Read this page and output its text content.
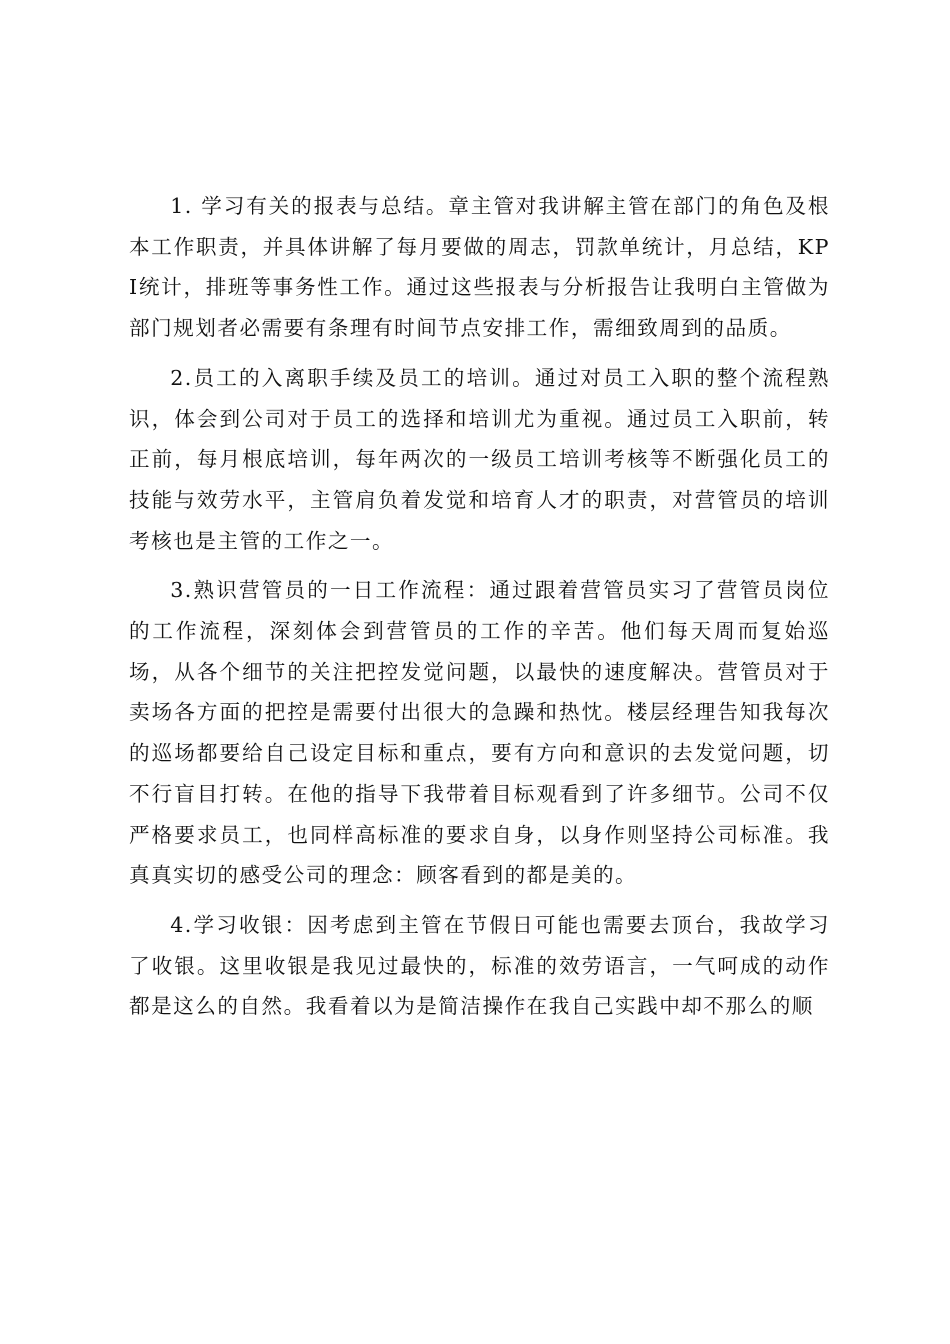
1. 学习有关的报表与总结。章主管对我讲解主管在部门的角色及根本工作职责，并具体讲解了每月要做的周志，罚款单统计，月总结，KPI统计，排班等事务性工作。通过这些报表与分析报告让我明白主管做为部门规划者必需要有条理有时间节点安排工作，需细致周到的品质。

2.员工的入离职手续及员工的培训。通过对员工入职的整个流程熟识，体会到公司对于员工的选择和培训尤为重视。通过员工入职前，转正前，每月根底培训，每年两次的一级员工培训考核等不断强化员工的技能与效劳水平，主管肩负着发觉和培育人才的职责，对营管员的培训考核也是主管的工作之一。

3.熟识营管员的一日工作流程：通过跟着营管员实习了营管员岗位的工作流程，深刻体会到营管员的工作的辛苦。他们每天周而复始巡场，从各个细节的关注把控发觉问题，以最快的速度解决。营管员对于卖场各方面的把控是需要付出很大的急躁和热忱。楼层经理告知我每次的巡场都要给自己设定目标和重点，要有方向和意识的去发觉问题，切不行盲目打转。在他的指导下我带着目标观看到了许多细节。公司不仅严格要求员工，也同样高标准的要求自身，以身作则坚持公司标准。我真真实切的感受公司的理念：顾客看到的都是美的。

4.学习收银：因考虑到主管在节假日可能也需要去顶台，我故学习了收银。这里收银是我见过最快的，标准的效劳语言，一气呵成的动作都是这么的自然。我看着以为是简洁操作在我自己实践中却不那么的顺
